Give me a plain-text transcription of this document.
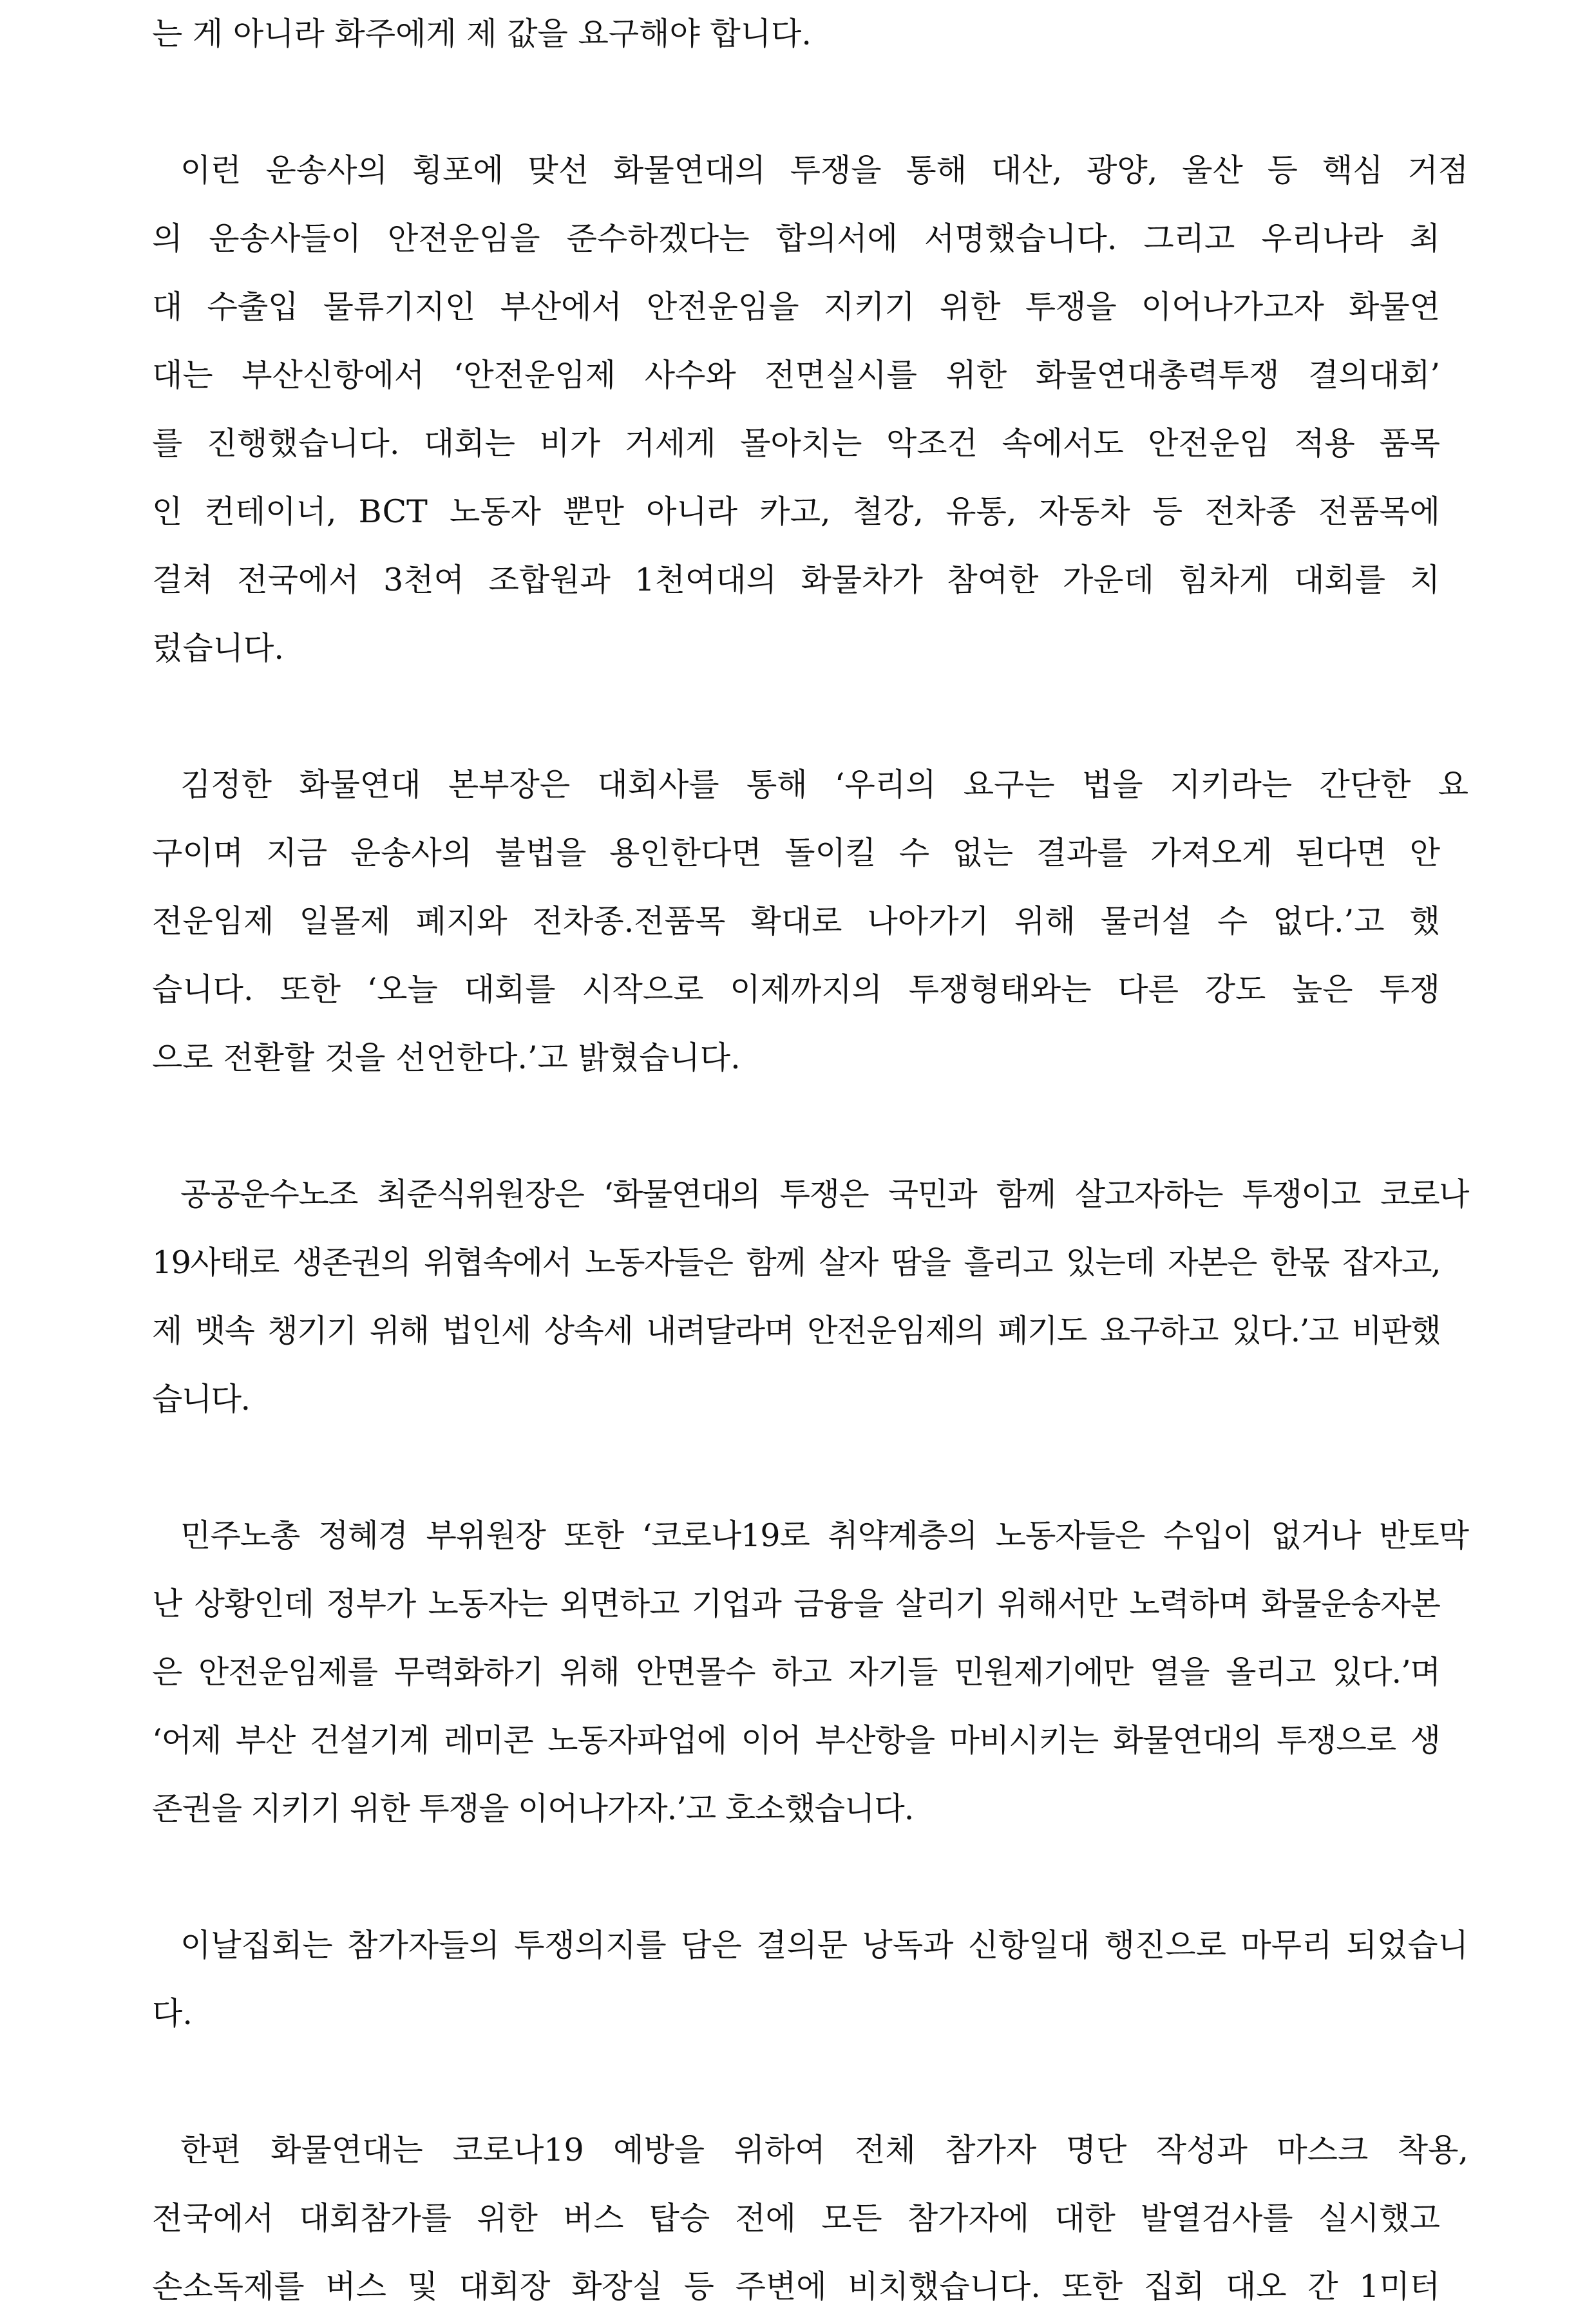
는 게 아니라 화주에게 제 값을 요구해야 합니다.
이런 운송사의 횡포에 맞선 화물연대의 투쟁을 통해 대산, 광양, 울산 등 핵심 거점
의 운송사들이 안전운임을 준수하겠다는 합의서에 서명했습니다. 그리고 우리나라 최
대 수출입 물류기지인 부산에서 안전운임을 지키기 위한 투쟁을 이어나가고자 화물연
대는 부산신항에서 ‘안전운임제 사수와 전면실시를 위한 화물연대총력투쟁 결의대회’
를 진행했습니다. 대회는 비가 거세게 몰아치는 악조건 속에서도 안전운임 적용 품목
인 컨테이너, BCT 노동자 뿐만 아니라 카고, 철강, 유통, 자동차 등 전차종 전품목에
걸쳐 전국에서 3천여 조합원과 1천여대의 화물차가 참여한 가운데 힘차게 대회를 치
렀습니다.
김정한 화물연대 본부장은 대회사를 통해 ‘우리의 요구는 법을 지키라는 간단한 요
구이며 지금 운송사의 불법을 용인한다면 돌이킬 수 없는 결과를 가져오게 된다면 안
전운임제 일몰제 폐지와 전차종.전품목 확대로 나아가기 위해 물러설 수 없다.’고 했
습니다. 또한 ‘오늘 대회를 시작으로 이제까지의 투쟁형태와는 다른 강도 높은 투쟁
으로 전환할 것을 선언한다.’고 밝혔습니다.
공공운수노조 최준식위원장은 ‘화물연대의 투쟁은 국민과 함께 살고자하는 투쟁이고 코로나
19사태로 생존권의 위협속에서 노동자들은 함께 살자 땀을 흘리고 있는데 자본은 한몫 잡자고,
제 뱃속 챙기기 위해 법인세 상속세 내려달라며 안전운임제의 폐기도 요구하고 있다.’고 비판했
습니다.
민주노총 정혜경 부위원장 또한 ‘코로나19로 취약계층의 노동자들은 수입이 없거나 반토막
난 상황인데 정부가 노동자는 외면하고 기업과 금융을 살리기 위해서만 노력하며 화물운송자본
은 안전운임제를 무력화하기 위해 안면몰수 하고 자기들 민원제기에만 열을 올리고 있다.’며
‘어제 부산 건설기계 레미콘 노동자파업에 이어 부산항을 마비시키는 화물연대의 투쟁으로 생
존권을 지키기 위한 투쟁을 이어나가자.’고 호소했습니다.
이날집회는 참가자들의 투쟁의지를 담은 결의문 낭독과 신항일대 행진으로 마무리 되었습니
다.
한편 화물연대는 코로나19 예방을 위하여 전체 참가자 명단 작성과 마스크 착용,
전국에서 대회참가를 위한 버스 탑승 전에 모든 참가자에 대한 발열검사를 실시했고
손소독제를 버스 및 대회장 화장실 등 주변에 비치했습니다. 또한 집회 대오 간 1미터
